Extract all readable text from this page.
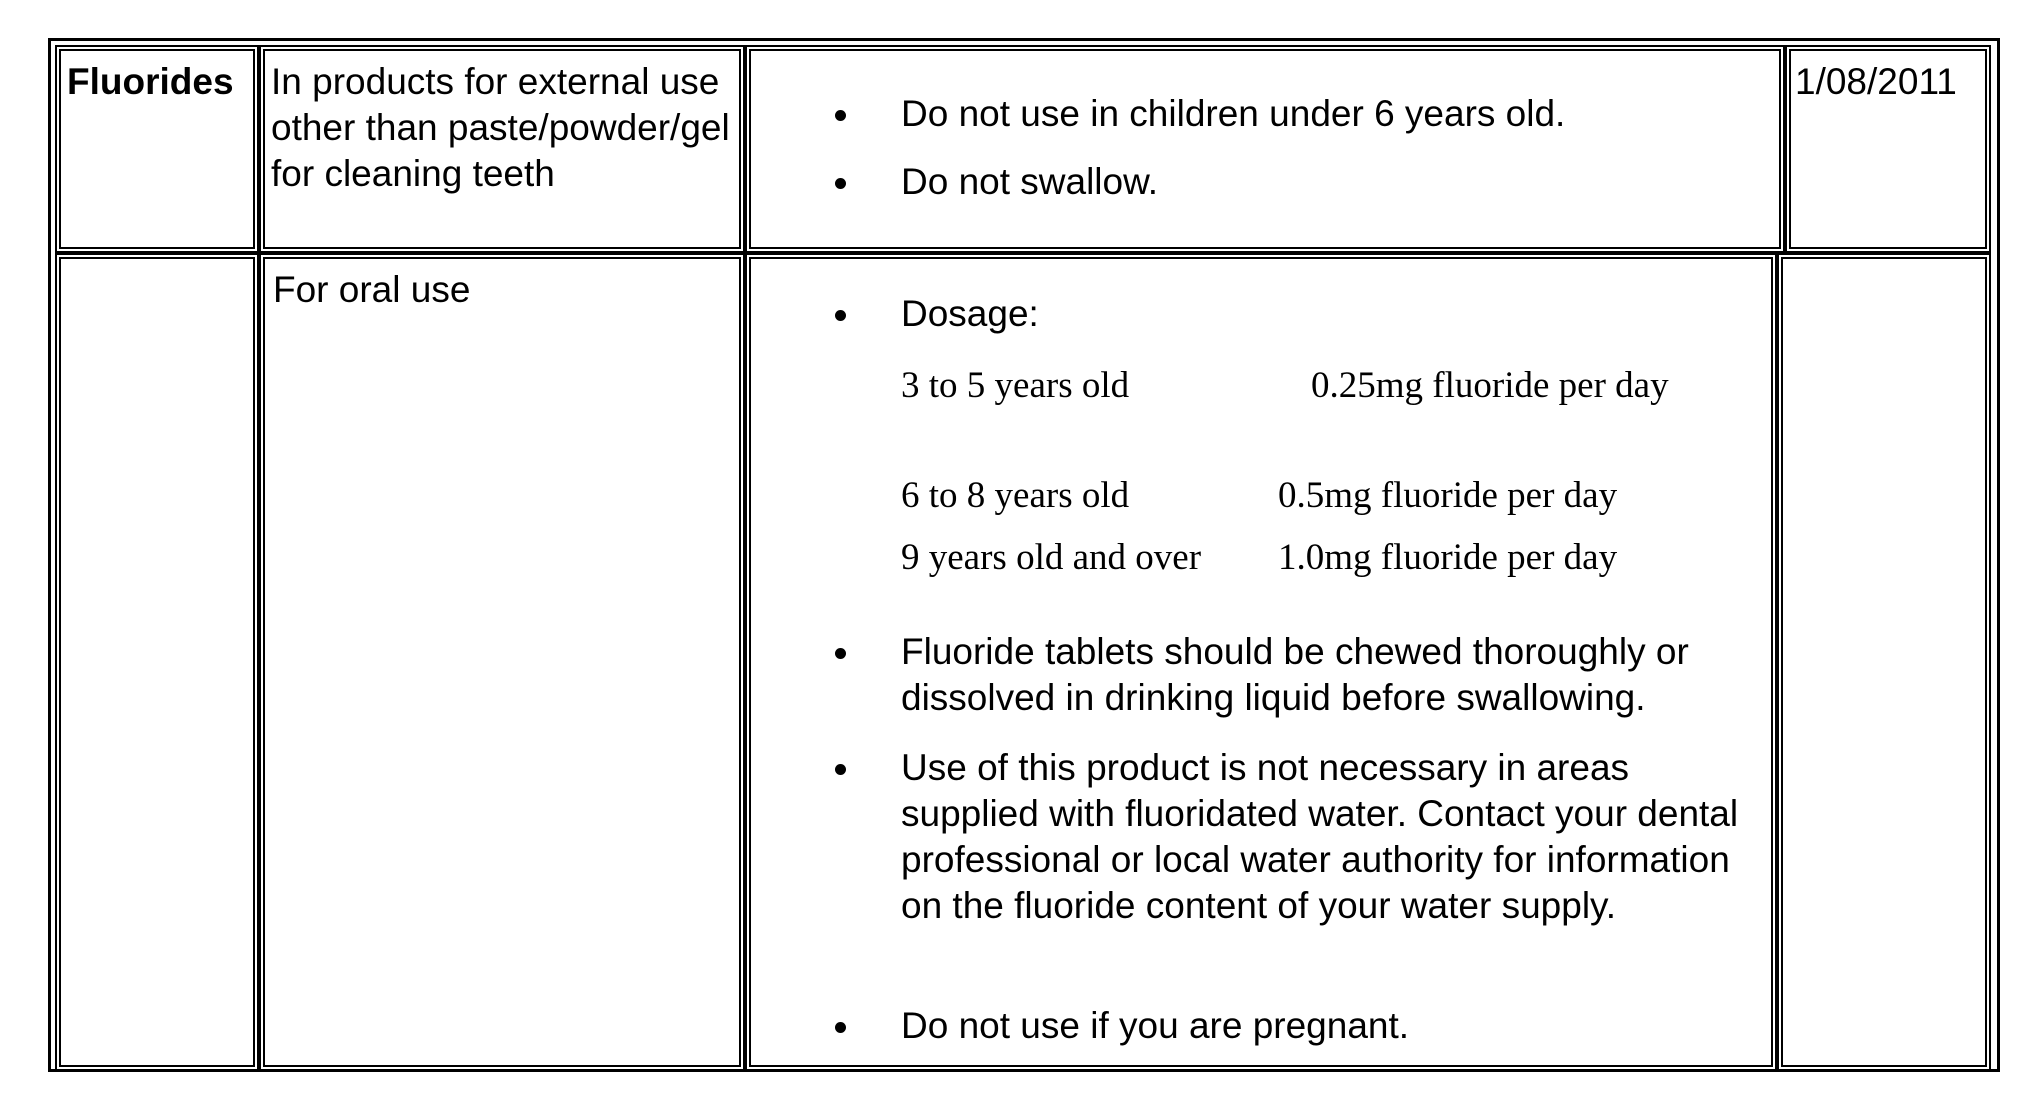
Fluorides In products for external use other than paste/powder/gel for cleaning teeth
Do not use in children under 6 years old.
Do not swallow.
1/08/2011
For oral use
Dosage:
3 to 5 years old	0.25mg fluoride per day
6 to 8 years old	0.5mg fluoride per day
9 years old and over 1.0mg fluoride per day
Fluoride tablets should be chewed thoroughly or dissolved in drinking liquid before swallowing.
Use of this product is not necessary in areas supplied with fluoridated water. Contact your dental professional or local water authority for information on the fluoride content of your water supply.
Do not use if you are pregnant.
